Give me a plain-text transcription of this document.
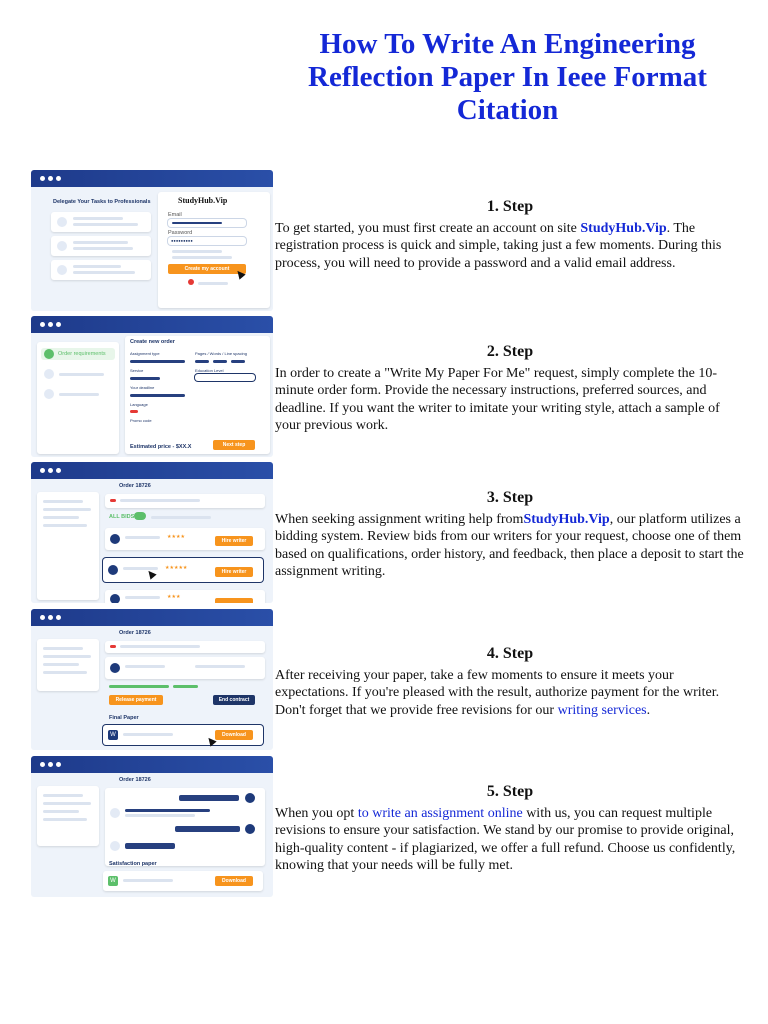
How To Write An Engineering Reflection Paper In Ieee Format Citation
Delegate Your Tasks to Professionals	StudyHub.Vip
Email
Password
●●●●●●●●●
Create my account
Order requirements
Create new order
Assignment type	Pages / Words / Line spacing
Service	Education Level
Your deadline
Language
Promo code
Estimated price - $XX.X	Next step
Order 18726
ALL BIDS
★★★★
Hire writer
★★★★★
Hire writer
★★★
Order 18726
Release payment	End contract
Final Paper
W	Download
Order 18726
Satisfaction paper
W	Download
1. Step

To get started, you must first create an account on site StudyHub.Vip. The registration process is quick and simple, taking just a few moments. During this process, you will need to provide a password and a valid email address.

2. Step

In order to create a "Write My Paper For Me" request, simply complete the 10-minute order form. Provide the necessary instructions, preferred sources, and deadline. If you want the writer to imitate your writing style, attach a sample of your previous work.

3. Step

When seeking assignment writing help fromStudyHub.Vip, our platform utilizes a bidding system. Review bids from our writers for your request, choose one of them based on qualifications, order history, and feedback, then place a deposit to start the assignment writing.

4. Step

After receiving your paper, take a few moments to ensure it meets your expectations. If you're pleased with the result, authorize payment for the writer. Don't forget that we provide free revisions for our writing services.

5. Step

When you opt to write an assignment online with us, you can request multiple revisions to ensure your satisfaction. We stand by our promise to provide original, high-quality content - if plagiarized, we offer a full refund. Choose us confidently, knowing that your needs will be fully met.
